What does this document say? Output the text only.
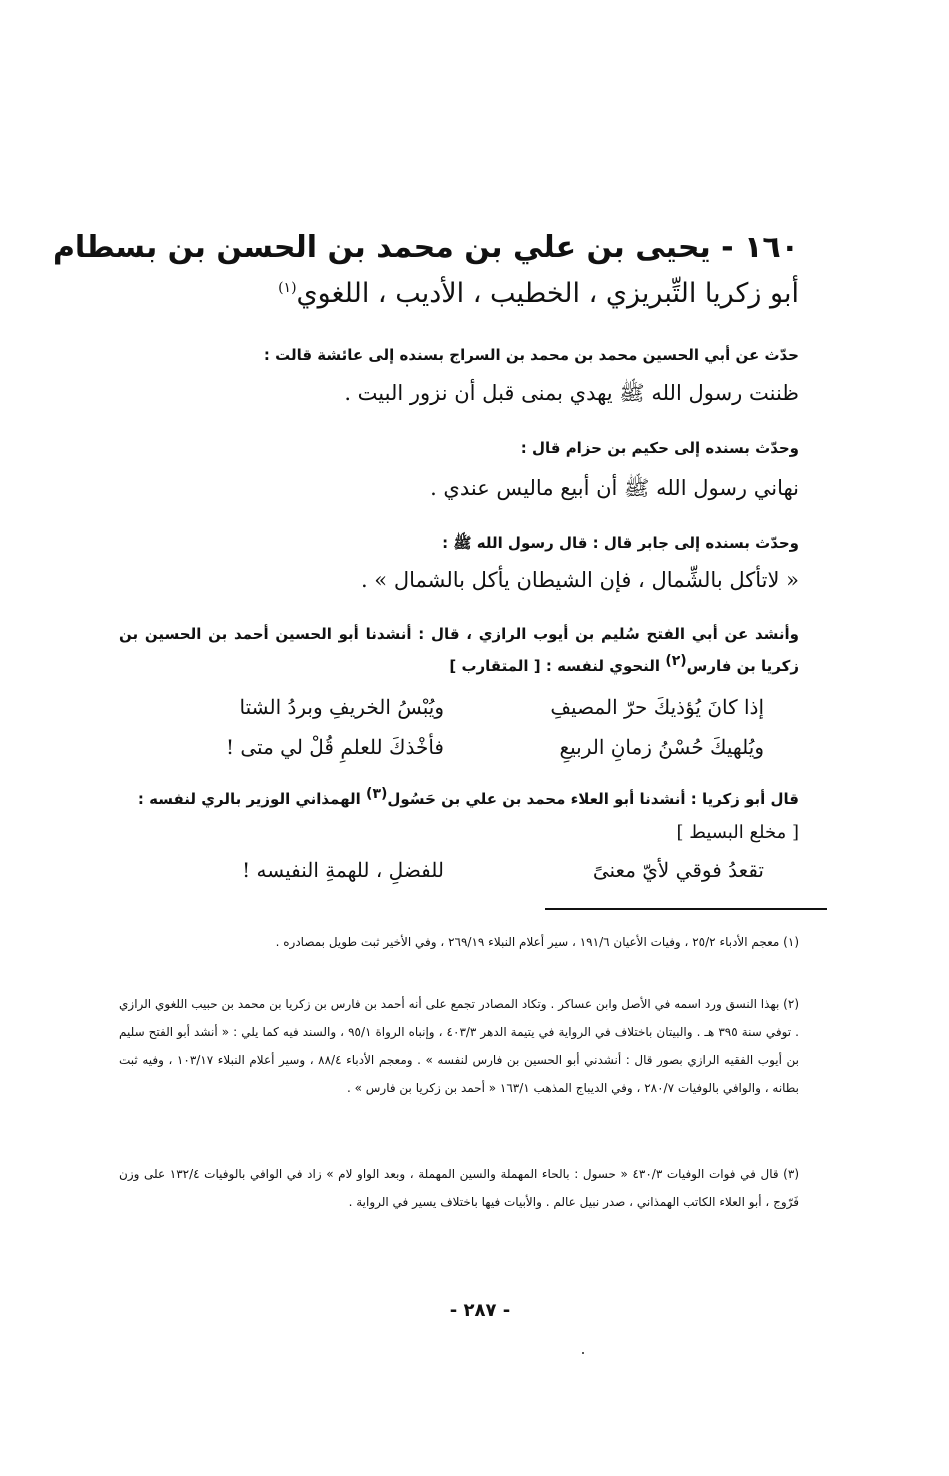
١٦٠ - يحيى بن علي بن محمد بن الحسن بن بسطام
أبو زكريا التِّبريزي ، الخطيب ، الأديب ، اللغوي$^{(١)}$
حدّث عن أبي الحسين محمد بن محمد بن السراج بسنده إلى عائشة قالت :
ظننت رسول الله ﷺ يهدي بمنى قبل أن نزور البيت .
وحدّث بسنده إلى حكيم بن حزام قال :
نهاني رسول الله ﷺ أن أبيع ماليس عندي .
وحدّث بسنده إلى جابر قال : قال رسول الله ﷺ :
« لاتأكل بالشِّمال ، فإن الشيطان يأكل بالشمال » .
وأنشد عن أبي الفتح سُليم بن أيوب الرازي ، قال : أنشدنا أبو الحسين أحمد بن الحسين بن زكريا بن فارس(٢) النحوي لنفسه : [ المتقارب ]
إذا كانَ يُؤذيكَ حرّ المصيفِ
ويُبْسُ الخريفِ وبردُ الشتا
ويُلهيكَ حُسْنُ زمانِ الربيعِ
فأخْذكَ للعلمِ قُلْ لي متى !
قال أبو زكريا : أنشدنا أبو العلاء محمد بن علي بن حَسُول(٣) الهمذاني الوزير بالري لنفسه :
[ مخلع البسيط ]
تقعدُ فوقي لأيّ معنىً
للفضلِ ، للهمةِ النفيسه !
(١) معجم الأدباء ٢٥/٢ ، وفيات الأعيان ١٩١/٦ ، سير أعلام النبلاء ٢٦٩/١٩ ، وفي الأخير ثبت طويل بمصادره .
(٢) بهذا النسق ورد اسمه في الأصل وابن عساكر . وتكاد المصادر تجمع على أنه أحمد بن فارس بن زكريا بن محمد بن حبيب اللغوي الرازي . توفي سنة ٣٩٥ هـ . والبيتان باختلاف في الرواية في يتيمة الدهر ٤٠٣/٣ ، وإنباه الرواة ٩٥/١ ، والسند فيه كما يلي : « أنشد أبو الفتح سليم بن أيوب الفقيه الرازي بصور قال : أنشدني أبو الحسين بن فارس لنفسه » . ومعجم الأدباء ٨٨/٤ ، وسير أعلام النبلاء ١٠٣/١٧ ، وفيه ثبت بطانه ، والوافي بالوفيات ٢٨٠/٧ ، وفي الديباج المذهب ١٦٣/١ « أحمد بن زكريا بن فارس » .
(٣) قال في فوات الوفيات ٤٣٠/٣ « حسول : بالحاء المهملة والسين المهملة ، وبعد الواو لام » زاد في الوافي بالوفيات ١٣٢/٤ على وزن فَرّوج ، أبو العلاء الكاتب الهمذاني ، صدر نبيل عالم . والأبيات فيها باختلاف يسير في الرواية .
- ٢٨٧ -
